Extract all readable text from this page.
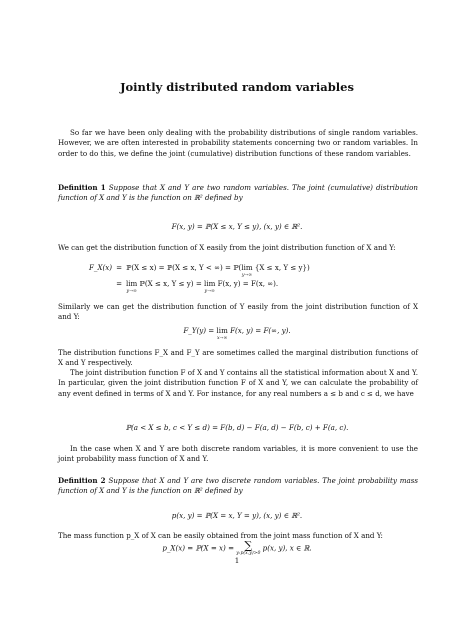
Jointly distributed random variables
So far we have been only dealing with the probability distributions of single random variables. However, we are often interested in probability statements concerning two or random variables. In order to do this, we define the joint (cumulative) distribution functions of these random variables.
Definition 1 Suppose that X and Y are two random variables. The joint (cumulative) distribution function of X and Y is the function on ℝ² defined by
F(x, y) = ℙ(X ≤ x, Y ≤ y), (x, y) ∈ ℝ².
We can get the distribution function of X easily from the joint distribution function of X and Y:
F_X(x)	=	ℙ(X ≤ x) = ℙ(X ≤ x, Y < ∞) = ℙ(lim
y→∞
{X ≤ x, Y ≤ y})
	=	lim
y→∞
ℙ(X ≤ x, Y ≤ y) = lim
y→∞
F(x, y) = F(x, ∞).
Similarly we can get the distribution function of Y easily from the joint distribution function of X and Y:
F_Y(y) = lim
x→∞
F(x, y) = F(∞, y).
The distribution functions F_X and F_Y are sometimes called the marginal distribution functions of X and Y respectively.
The joint distribution function F of X and Y contains all the statistical information about X and Y. In particular, given the joint distribution function F of X and Y, we can calculate the probability of any event defined in terms of X and Y. For instance, for any real numbers a ≤ b and c ≤ d, we have
ℙ(a < X ≤ b, c < Y ≤ d) = F(b, d) − F(a, d) − F(b, c) + F(a, c).
In the case when X and Y are both discrete random variables, it is more convenient to use the joint probability mass function of X and Y.
Definition 2 Suppose that X and Y are two discrete random variables. The joint probability mass function of X and Y is the function on ℝ² defined by
p(x, y) = ℙ(X = x, Y = y), (x, y) ∈ ℝ².
The mass function p_X of X can be easily obtained from the joint mass function of X and Y:
p_X(x) = ℙ(X = x) = ∑
y:p(x,y)>0
p(x, y), x ∈ ℝ.
1
